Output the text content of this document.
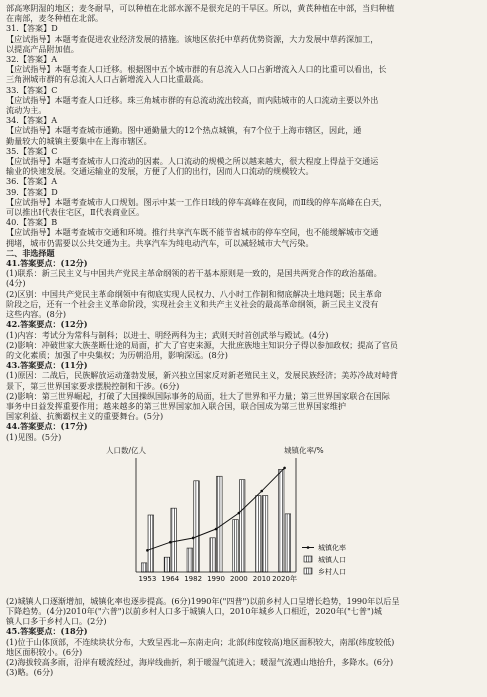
部高寒阴湿的地区；麦冬耐旱，可以种植在北部水源不是很充足的干旱区。所以，黄芪种植在中部，当归种植
在南部，麦冬种植在北部。
31.【答案】D
【应试指导】本题考查促进农业经济发展的措施。该地区依托中草药优势资源，大力发展中草药深加工，
以提高产品附加值。
32.【答案】A
【应试指导】本题考查人口迁移。根据图中五个城市群的有总流入人口占新增流入人口的比重可以看出，长
三角洲城市群的有总流入人口占新增流入人口比重最高。
33.【答案】C
【应试指导】本题考查人口迁移。珠三角城市群的有总流动流出较高，而内陆城市的人口流动主要以外出
流动为主。
34.【答案】A
【应试指导】本题考查城市通勤。图中通勤量大的12个热点城镇，有7个位于上海市辖区，因此，通
勤量较大的城镇主要集中在上海市辖区。
35.【答案】C
【应试指导】本题考查城市人口流动的因素。人口流动的规模之所以越来越大，很大程度上得益于交通运
输业的快速发展。交通运输业的发展，方便了人们的出行，因而人口流动的规模较大。
36.【答案】A
39.【答案】D
【应试指导】本题考查城市人口规划。图示中某一工作日Ⅰ线的停车高峰在夜间，而Ⅱ线的停车高峰在白天，
可以推出Ⅰ代表住宅区，Ⅱ代表商业区。
40.【答案】B
【应试指导】本题考查城市交通和环境。推行共享汽车既不能节省城市的停车空间，也不能缓解城市交通
拥堵，城市仍需要以公共交通为主。共享汽车为纯电动汽车，可以减轻城市大气污染。
二、非选择题
41.答案要点：(12分)
(1)联系：新三民主义与中国共产党民主革命纲领的若干基本原则是一致的，是国共两党合作的政治基础。
(4分)
(2)区别：中国共产党民主革命纲领中有彻底实现人民权力、八小时工作制和彻底解决土地问题；民主革命
阶段之后，还有一个社会主义革命阶段，实现社会主义和共产主义社会的最高革命纲领，新三民主义没有
这些内容。(8分)
42.答案要点：(12分)
(1)内容：考试分为常科与制科；以进士、明经两科为主；武则天时首创武举与殿试。(4分)
(2)影响：冲破世家大族垄断仕途的局面，扩大了官吏来源，大批庶族地主知识分子得以参加政权；提高了官员
的文化素质；加强了中央集权；为历朝沿用，影响深远。(8分)
43.答案要点：(11分)
(1)原因：二战后，民族解放运动蓬勃发展，新兴独立国家反对新老殖民主义，发展民族经济；美苏冷战对峙背
景下，第三世界国家要求摆脱控制和干涉。(6分)
(2)影响：第三世界崛起，打破了大国操纵国际事务的局面，壮大了世界和平力量；第三世界国家联合在国际
事务中日益发挥重要作用；越来越多的第三世界国家加入联合国，联合国成为第三世界国家维护
国家利益、抗衡霸权主义的重要舞台。(5分)
44.答案要点：(17分)
(1)见图。(5分)
人口数/亿人	城镇化率/%
1953 1964 1982 1990 2000 2010 2020年
城镇化率
城镇人口
乡村人口
(2)城镇人口逐渐增加，城镇化率也逐步提高。(6分)1990年("四普")以前乡村人口呈增长趋势，1990年以后呈
下降趋势。(4分)2010年("六普")以前乡村人口多于城镇人口，2010年城乡人口相近，2020年("七普")城
镇人口多于乡村人口。(2分)
45.答案要点：(18分)
(1)位于山体顶部，不连续块状分布，大致呈西北—东南走向；北部(纬度较高)地区面积较大，南部(纬度较低)
地区面积较小。(6分)
(2)海拔较高多雨，沿岸有暖流经过，海岸线曲折，利于暖湿气流进入；暖湿气流遇山地抬升，多降水。(6分)
(3)略。(6分)
